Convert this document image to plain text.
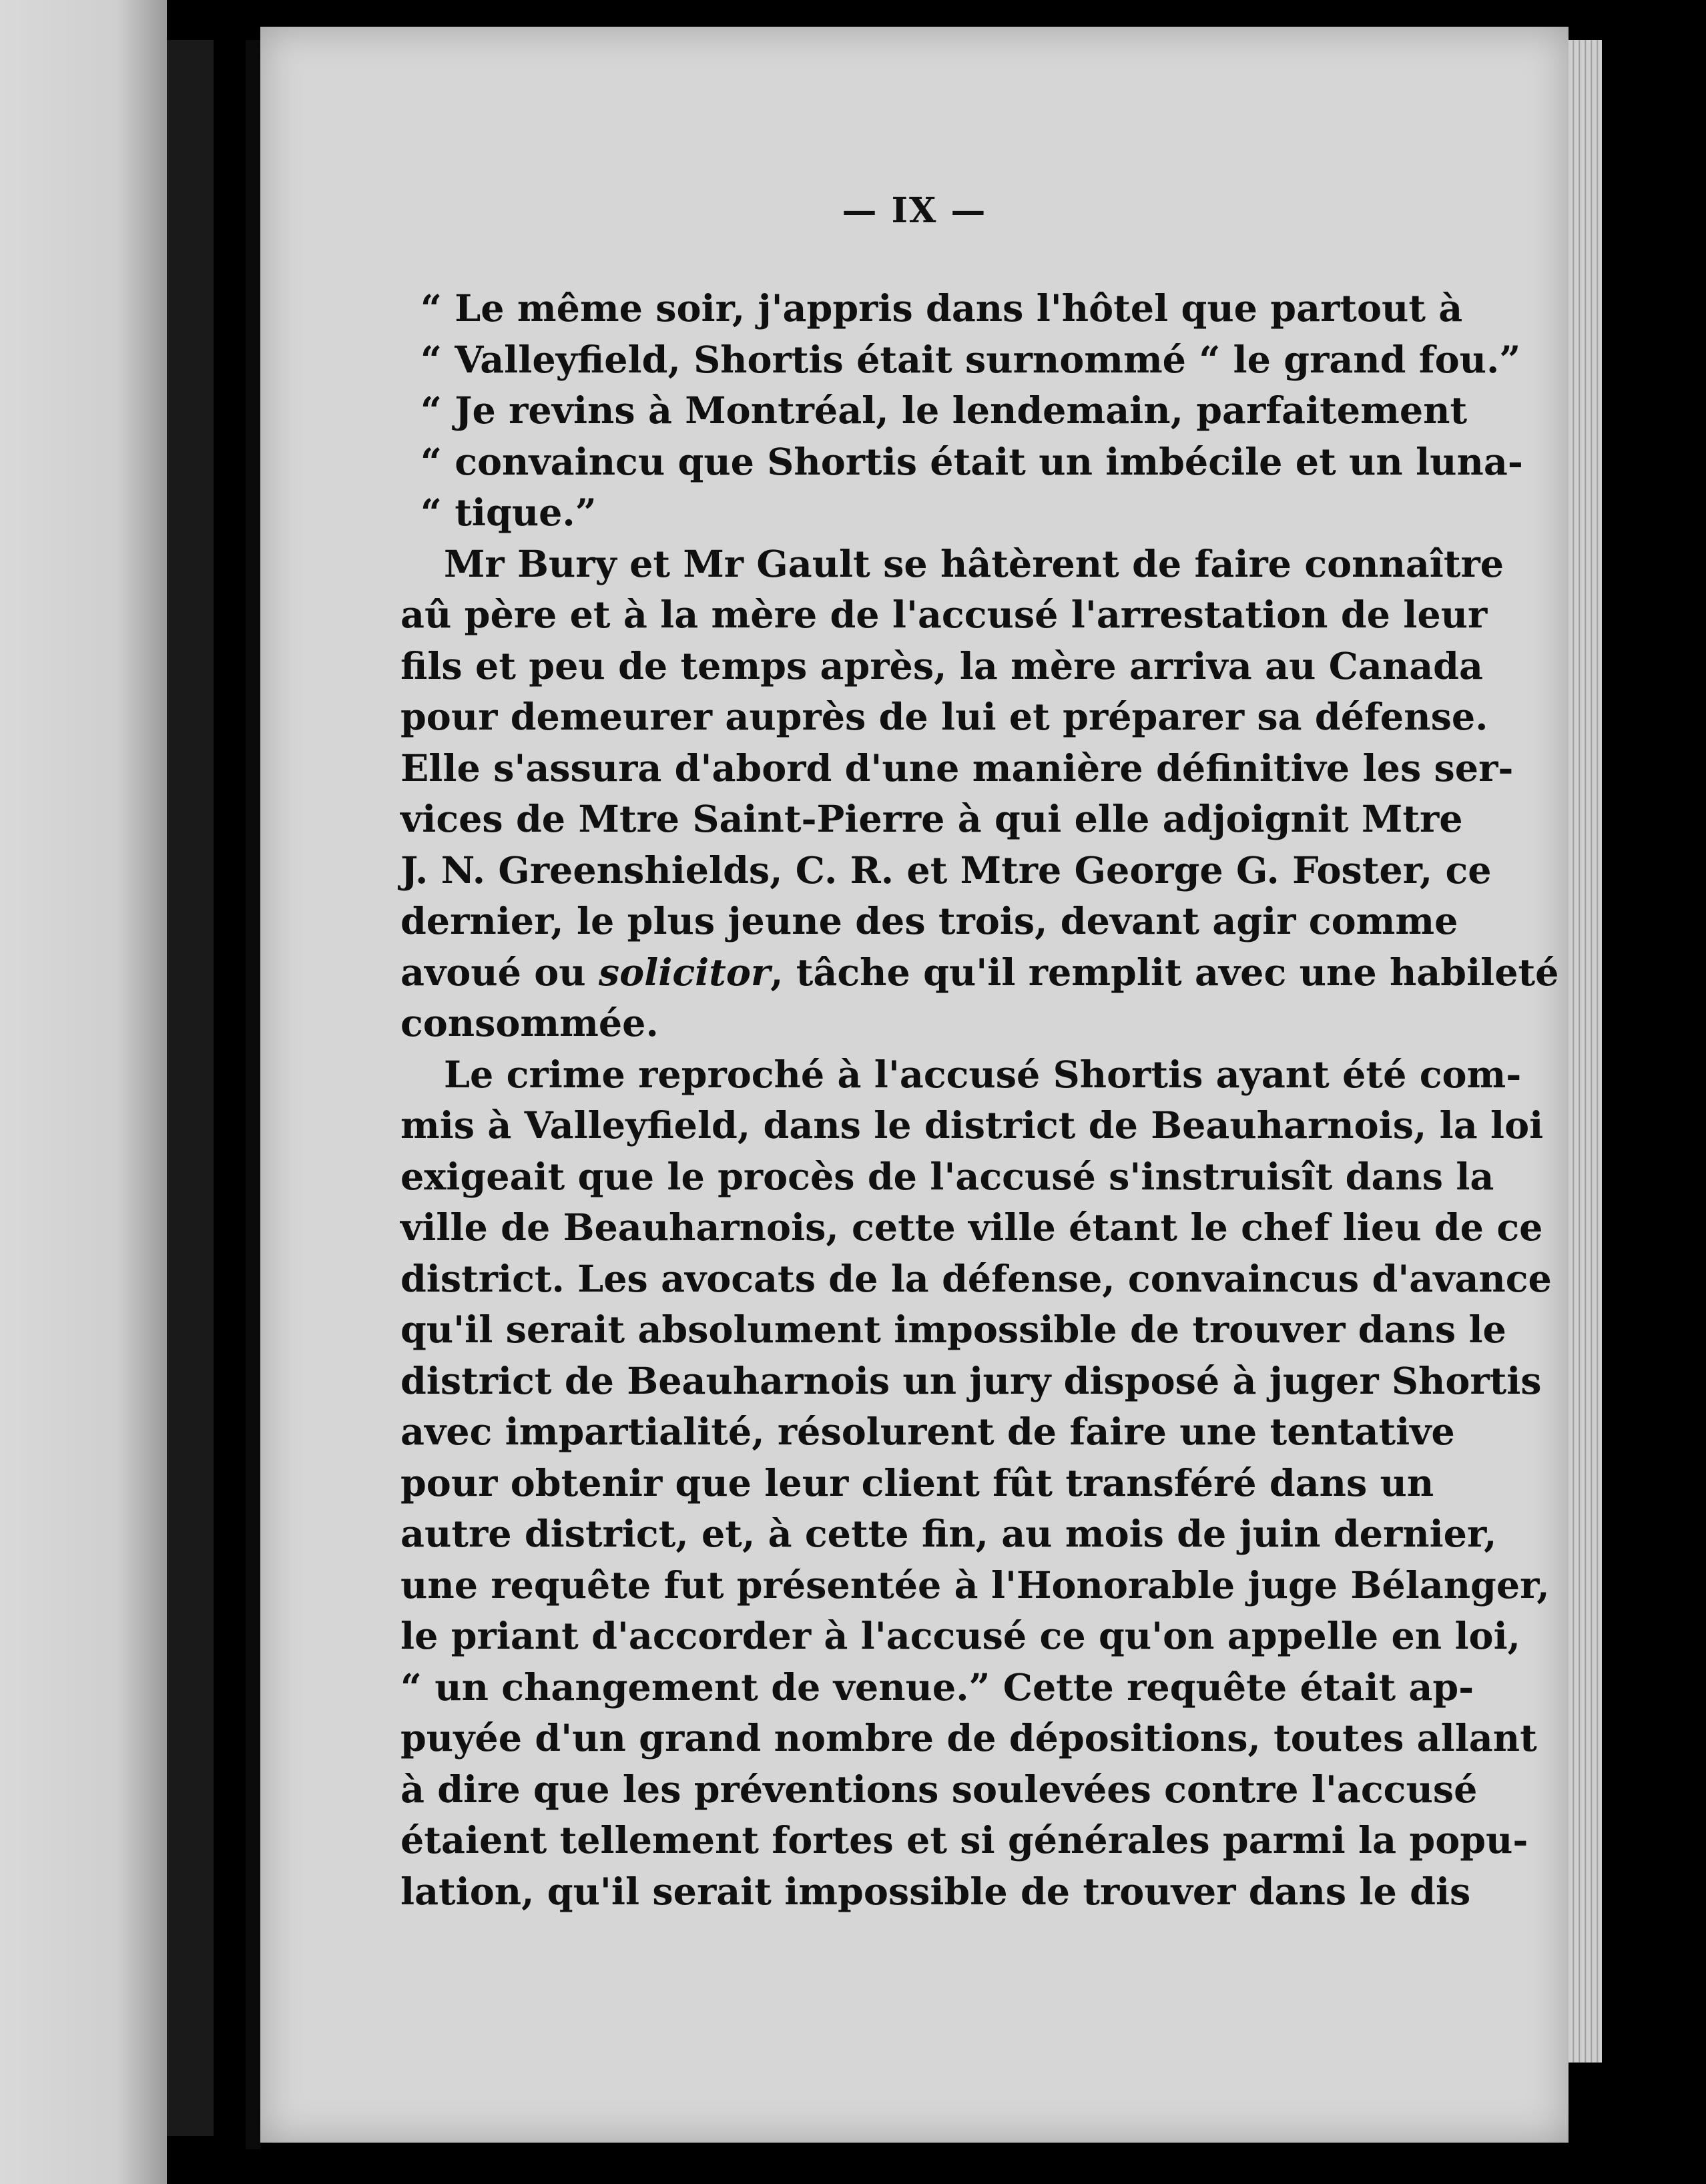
— IX —
“ Le même soir, j'appris dans l'hôtel que partout à
“ Valleyfield, Shortis était surnommé “ le grand fou.”
“ Je revins à Montréal, le lendemain, parfaitement
“ convaincu que Shortis était un imbécile et un luna-
“ tique.”
Mr Bury et Mr Gault se hâtèrent de faire connaître
aû père et à la mère de l'accusé l'arrestation de leur
fils et peu de temps après, la mère arriva au Canada
pour demeurer auprès de lui et préparer sa défense.
Elle s'assura d'abord d'une manière définitive les ser-
vices de Mtre Saint-Pierre à qui elle adjoignit Mtre
J. N. Greenshields, C. R. et Mtre George G. Foster, ce
dernier, le plus jeune des trois, devant agir comme
avoué ou solicitor, tâche qu'il remplit avec une habileté
consommée.
Le crime reproché à l'accusé Shortis ayant été com-
mis à Valleyfield, dans le district de Beauharnois, la loi
exigeait que le procès de l'accusé s'instruisît dans la
ville de Beauharnois, cette ville étant le chef lieu de ce
district. Les avocats de la défense, convaincus d'avance
qu'il serait absolument impossible de trouver dans le
district de Beauharnois un jury disposé à juger Shortis
avec impartialité, résolurent de faire une tentative
pour obtenir que leur client fût transféré dans un
autre district, et, à cette fin, au mois de juin dernier,
une requête fut présentée à l'Honorable juge Bélanger,
le priant d'accorder à l'accusé ce qu'on appelle en loi,
“ un changement de venue.” Cette requête était ap-
puyée d'un grand nombre de dépositions, toutes allant
à dire que les préventions soulevées contre l'accusé
étaient tellement fortes et si générales parmi la popu-
lation, qu'il serait impossible de trouver dans le dis
